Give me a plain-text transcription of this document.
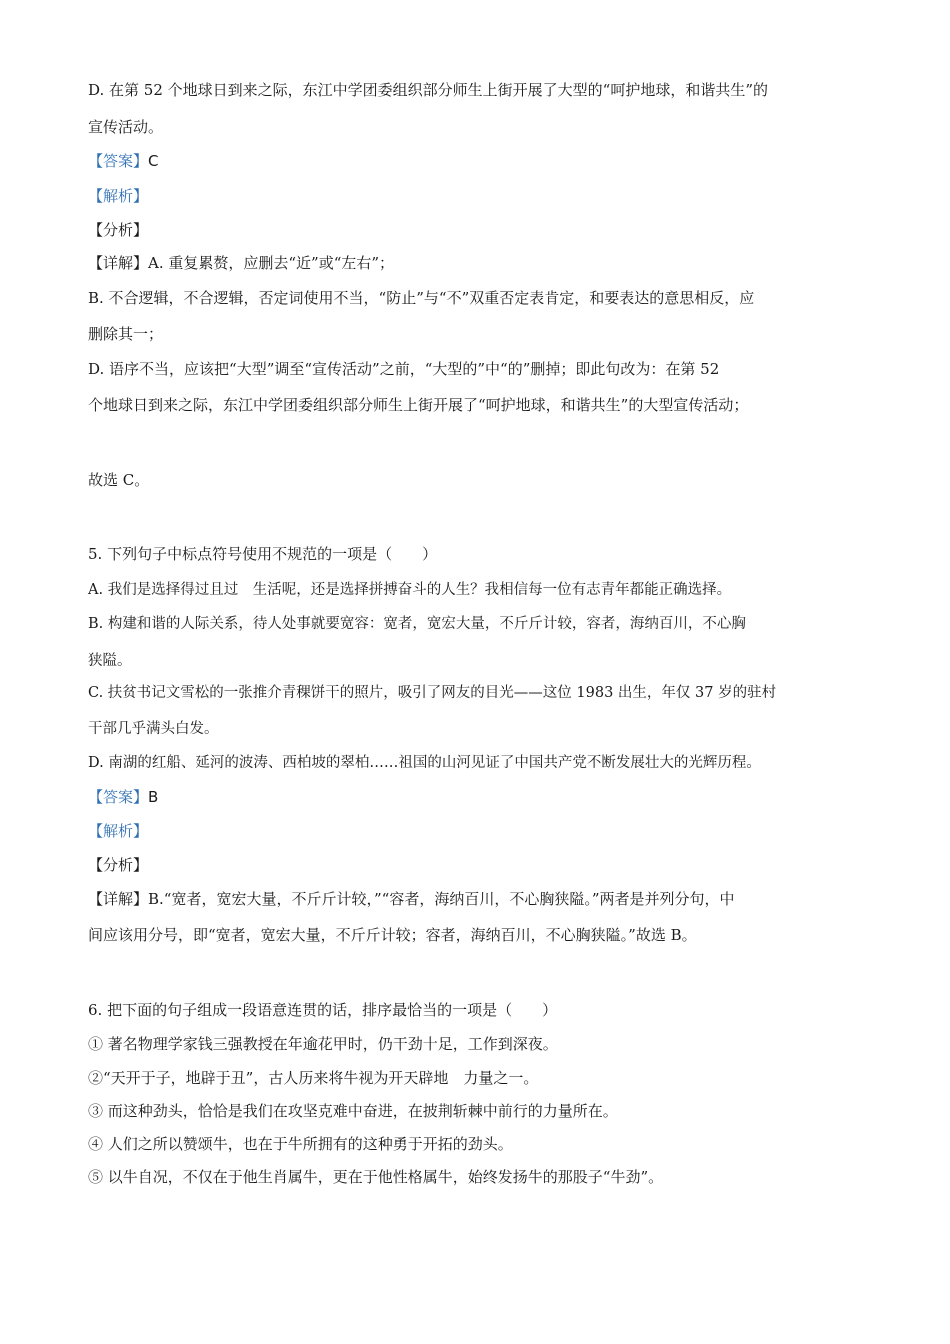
D. 在第 52 个地球日到来之际，东江中学团委组织部分师生上街开展了大型的“呵护地球，和谐共生”的
宣传活动。
【答案】C
【解析】
【分析】
【详解】A. 重复累赘，应删去“近”或“左右”；
B. 不合逻辑，不合逻辑，否定词使用不当，“防止”与“不”双重否定表肯定，和要表达的意思相反，应
删除其一；
D. 语序不当，应该把“大型”调至“宣传活动”之前，“大型的”中“的”删掉；即此句改为：在第 52
个地球日到来之际，东江中学团委组织部分师生上街开展了“呵护地球，和谐共生”的大型宣传活动；
故选 C。
5. 下列句子中标点符号使用不规范的一项是（　　）
A. 我们是选择得过且过　生活呢，还是选择拼搏奋斗的人生？我相信每一位有志青年都能正确选择。
B. 构建和谐的人际关系，待人处事就要宽容：宽者，宽宏大量，不斤斤计较，容者，海纳百川，不心胸
狭隘。
C. 扶贫书记文雪松的一张推介青稞饼干的照片，吸引了网友的目光——这位 1983 出生，年仅 37 岁的驻村
干部几乎满头白发。
D. 南湖的红船、延河的波涛、西柏坡的翠柏……祖国的山河见证了中国共产党不断发展壮大的光辉历程。
【答案】B
【解析】
【分析】
【详解】B.“宽者，宽宏大量，不斤斤计较，”“容者，海纳百川，不心胸狭隘。”两者是并列分句，中
间应该用分号，即“宽者，宽宏大量，不斤斤计较；容者，海纳百川，不心胸狭隘。”故选 B。
6. 把下面的句子组成一段语意连贯的话，排序最恰当的一项是（　　）
① 著名物理学家钱三强教授在年逾花甲时，仍干劲十足，工作到深夜。
②“天开于子，地辟于丑”，古人历来将牛视为开天辟地　力量之一。
③ 而这种劲头，恰恰是我们在攻坚克难中奋进，在披荆斩棘中前行的力量所在。
④ 人们之所以赞颂牛，也在于牛所拥有的这种勇于开拓的劲头。
⑤ 以牛自况，不仅在于他生肖属牛，更在于他性格属牛，始终发扬牛的那股子“牛劲”。
